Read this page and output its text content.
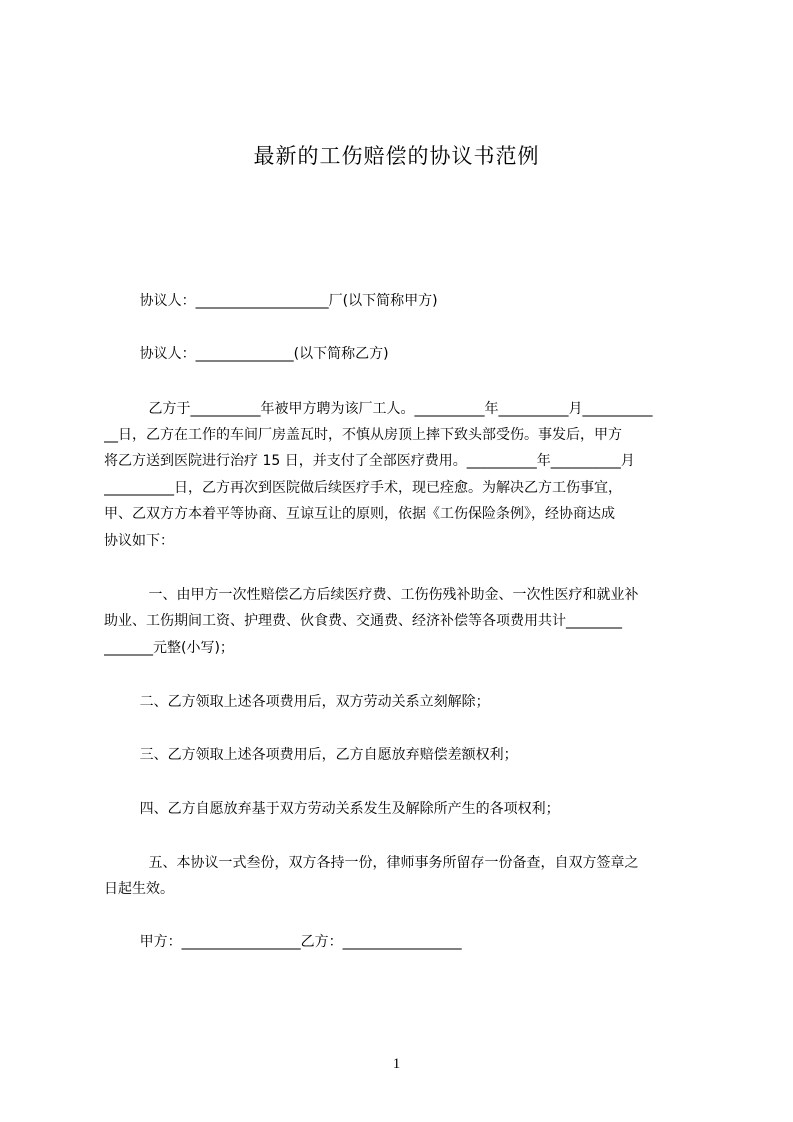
最新的工伤赔偿的协议书范例
协议人：___________________厂(以下简称甲方)
协议人：______________(以下简称乙方)
乙方于__________年被甲方聘为该厂工人。__________年__________月__________
__日，乙方在工作的车间厂房盖瓦时，不慎从房顶上摔下致头部受伤。事发后，甲方
将乙方送到医院进行治疗 15 日，并支付了全部医疗费用。__________年__________月
__________日，乙方再次到医院做后续医疗手术，现已痊愈。为解决乙方工伤事宜，
甲、乙双方方本着平等协商、互谅互让的原则，依据《工伤保险条例》，经协商达成
协议如下：
一、由甲方一次性赔偿乙方后续医疗费、工伤伤残补助金、一次性医疗和就业补
助业、工伤期间工资、护理费、伙食费、交通费、经济补偿等各项费用共计________
_______元整(小写)；
二、乙方领取上述各项费用后，双方劳动关系立刻解除；
三、乙方领取上述各项费用后，乙方自愿放弃赔偿差额权利；
四、乙方自愿放弃基于双方劳动关系发生及解除所产生的各项权利；
五、本协议一式叁份，双方各持一份，律师事务所留存一份备查，自双方签章之
日起生效。
甲方：_________________乙方：_________________
1
